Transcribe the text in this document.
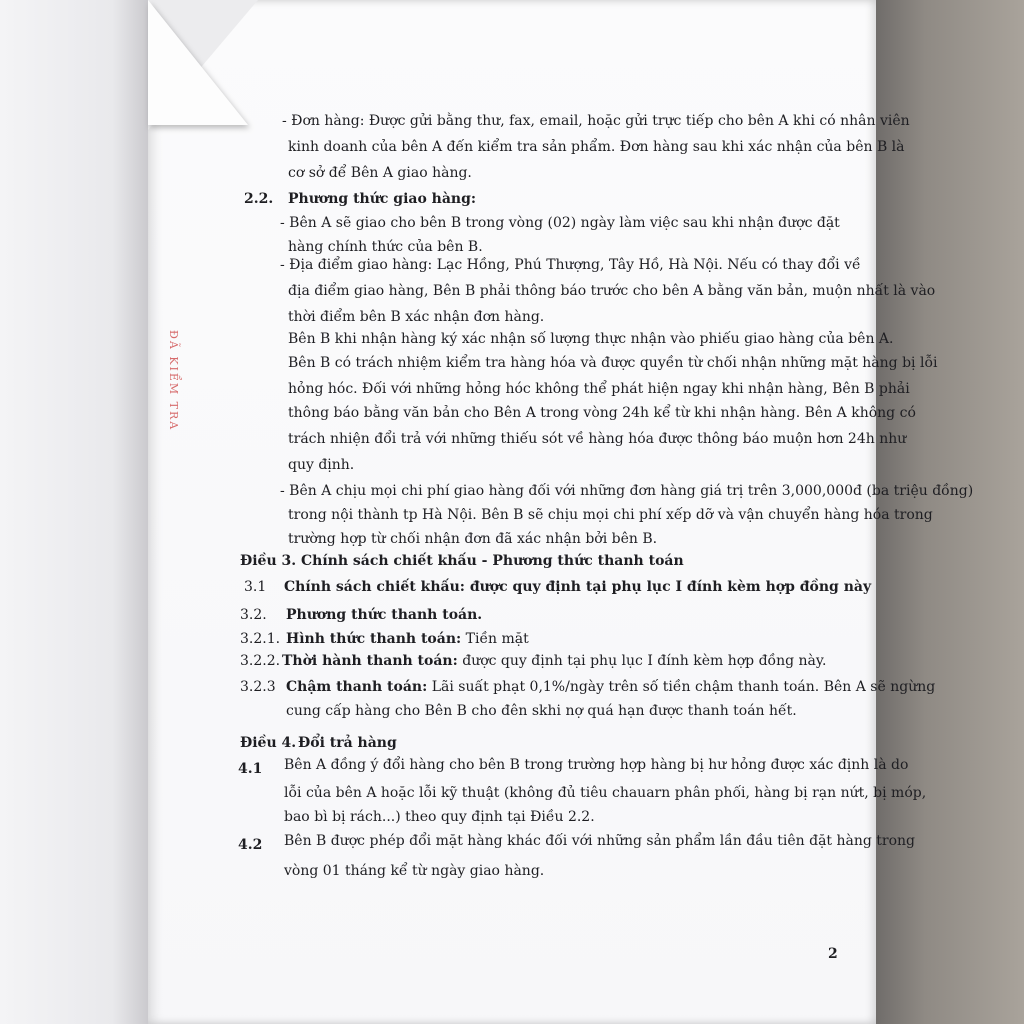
ĐÃ KIỂM TRA
- Đơn hàng: Được gửi bằng thư, fax, email, hoặc gửi trực tiếp cho bên A khi có nhân viên
kinh doanh của bên A đến kiểm tra sản phẩm. Đơn hàng sau khi xác nhận của bên B là
cơ sở để Bên A giao hàng.
2.2. Phương thức giao hàng:
- Bên A sẽ giao cho bên B trong vòng (02) ngày làm việc sau khi nhận được đặt
hàng chính thức của bên B.
- Địa điểm giao hàng: Lạc Hồng, Phú Thượng, Tây Hồ, Hà Nội. Nếu có thay đổi về
địa điểm giao hàng, Bên B phải thông báo trước cho bên A bằng văn bản, muộn nhất là vào
thời điểm bên B xác nhận đơn hàng.
Bên B khi nhận hàng ký xác nhận số lượng thực nhận vào phiếu giao hàng của bên A.
Bên B có trách nhiệm kiểm tra hàng hóa và được quyền từ chối nhận những mặt hàng bị lỗi
hỏng hóc. Đối với những hỏng hóc không thể phát hiện ngay khi nhận hàng, Bên B phải
thông báo bằng văn bản cho Bên A trong vòng 24h kể từ khi nhận hàng. Bên A không có
trách nhiện đổi trả với những thiếu sót về hàng hóa được thông báo muộn hơn 24h như
quy định.
- Bên A chịu mọi chi phí giao hàng đối với những đơn hàng giá trị trên 3,000,000đ (ba triệu đồng)
trong nội thành tp Hà Nội. Bên B sẽ chịu mọi chi phí xếp dỡ và vận chuyển hàng hóa trong
trường hợp từ chối nhận đơn đã xác nhận bởi bên B.
Điều 3. Chính sách chiết khấu - Phương thức thanh toán
3.1 Chính sách chiết khấu: được quy định tại phụ lục I đính kèm hợp đồng này
3.2. Phương thức thanh toán.
3.2.1. Hình thức thanh toán: Tiền mặt
3.2.2. Thời hành thanh toán: được quy định tại phụ lục I đính kèm hợp đồng này.
3.2.3 Chậm thanh toán: Lãi suất phạt 0,1%/ngày trên số tiền chậm thanh toán. Bên A sẽ ngừng
cung cấp hàng cho Bên B cho đên skhi nợ quá hạn được thanh toán hết.
Điều 4. Đổi trả hàng
4.1 Bên A đồng ý đổi hàng cho bên B trong trường hợp hàng bị hư hỏng được xác định là do
lỗi của bên A hoặc lỗi kỹ thuật (không đủ tiêu chauarn phân phối, hàng bị rạn nứt, bị móp,
bao bì bị rách...) theo quy định tại Điều 2.2.
4.2 Bên B được phép đổi mặt hàng khác đối với những sản phẩm lần đầu tiên đặt hàng trong
vòng 01 tháng kể từ ngày giao hàng.
2
